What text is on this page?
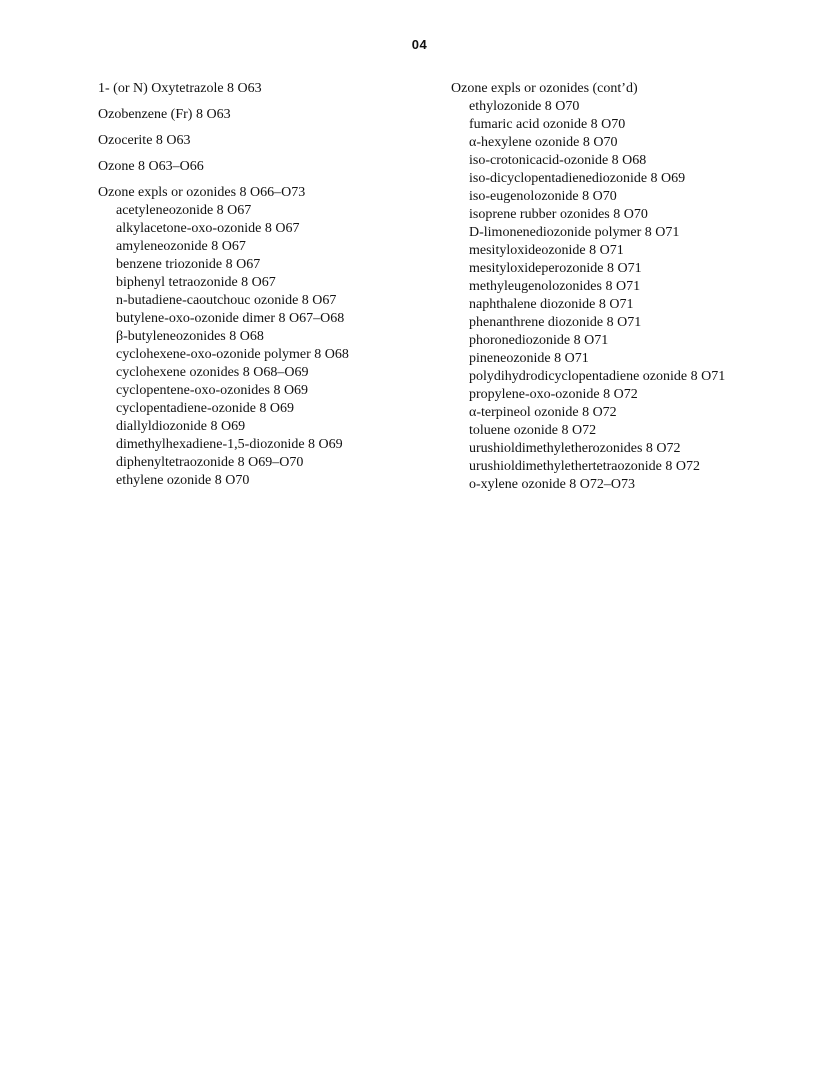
04
1- (or N) Oxytetrazole 8 O63
Ozobenzene (Fr) 8 O63
Ozocerite 8 O63
Ozone 8 O63–O66
Ozone expls or ozonides 8 O66–O73
acetyleneozonide 8 O67
alkylacetone-oxo-ozonide 8 O67
amyleneozonide 8 O67
benzene triozonide 8 O67
biphenyl tetraozonide 8 O67
n-butadiene-caoutchouc ozonide 8 O67
butylene-oxo-ozonide dimer 8 O67–O68
β-butyleneozonides 8 O68
cyclohexene-oxo-ozonide polymer 8 O68
cyclohexene ozonides 8 O68–O69
cyclopentene-oxo-ozonides 8 O69
cyclopentadiene-ozonide 8 O69
diallyldiozonide 8 O69
dimethylhexadiene-1,5-diozonide 8 O69
diphenyltetraozonide 8 O69–O70
ethylene ozonide 8 O70
Ozone expls or ozonides (cont’d)
ethylozonide 8 O70
fumaric acid ozonide 8 O70
α-hexylene ozonide 8 O70
iso-crotonicacid-ozonide 8 O68
iso-dicyclopentadienediozonide 8 O69
iso-eugenolozonide 8 O70
isoprene rubber ozonides 8 O70
D-limonenediozonide polymer 8 O71
mesityloxideozonide 8 O71
mesityloxideperozonide 8 O71
methyleugenolozonides 8 O71
naphthalene diozonide 8 O71
phenanthrene diozonide 8 O71
phoronediozonide 8 O71
pineneozonide 8 O71
polydihydrodicyclopentadiene ozonide 8 O71
propylene-oxo-ozonide 8 O72
α-terpineol ozonide 8 O72
toluene ozonide 8 O72
urushioldimethyletherozonides 8 O72
urushioldimethylethertetraozonide 8 O72
o-xylene ozonide 8 O72–O73
